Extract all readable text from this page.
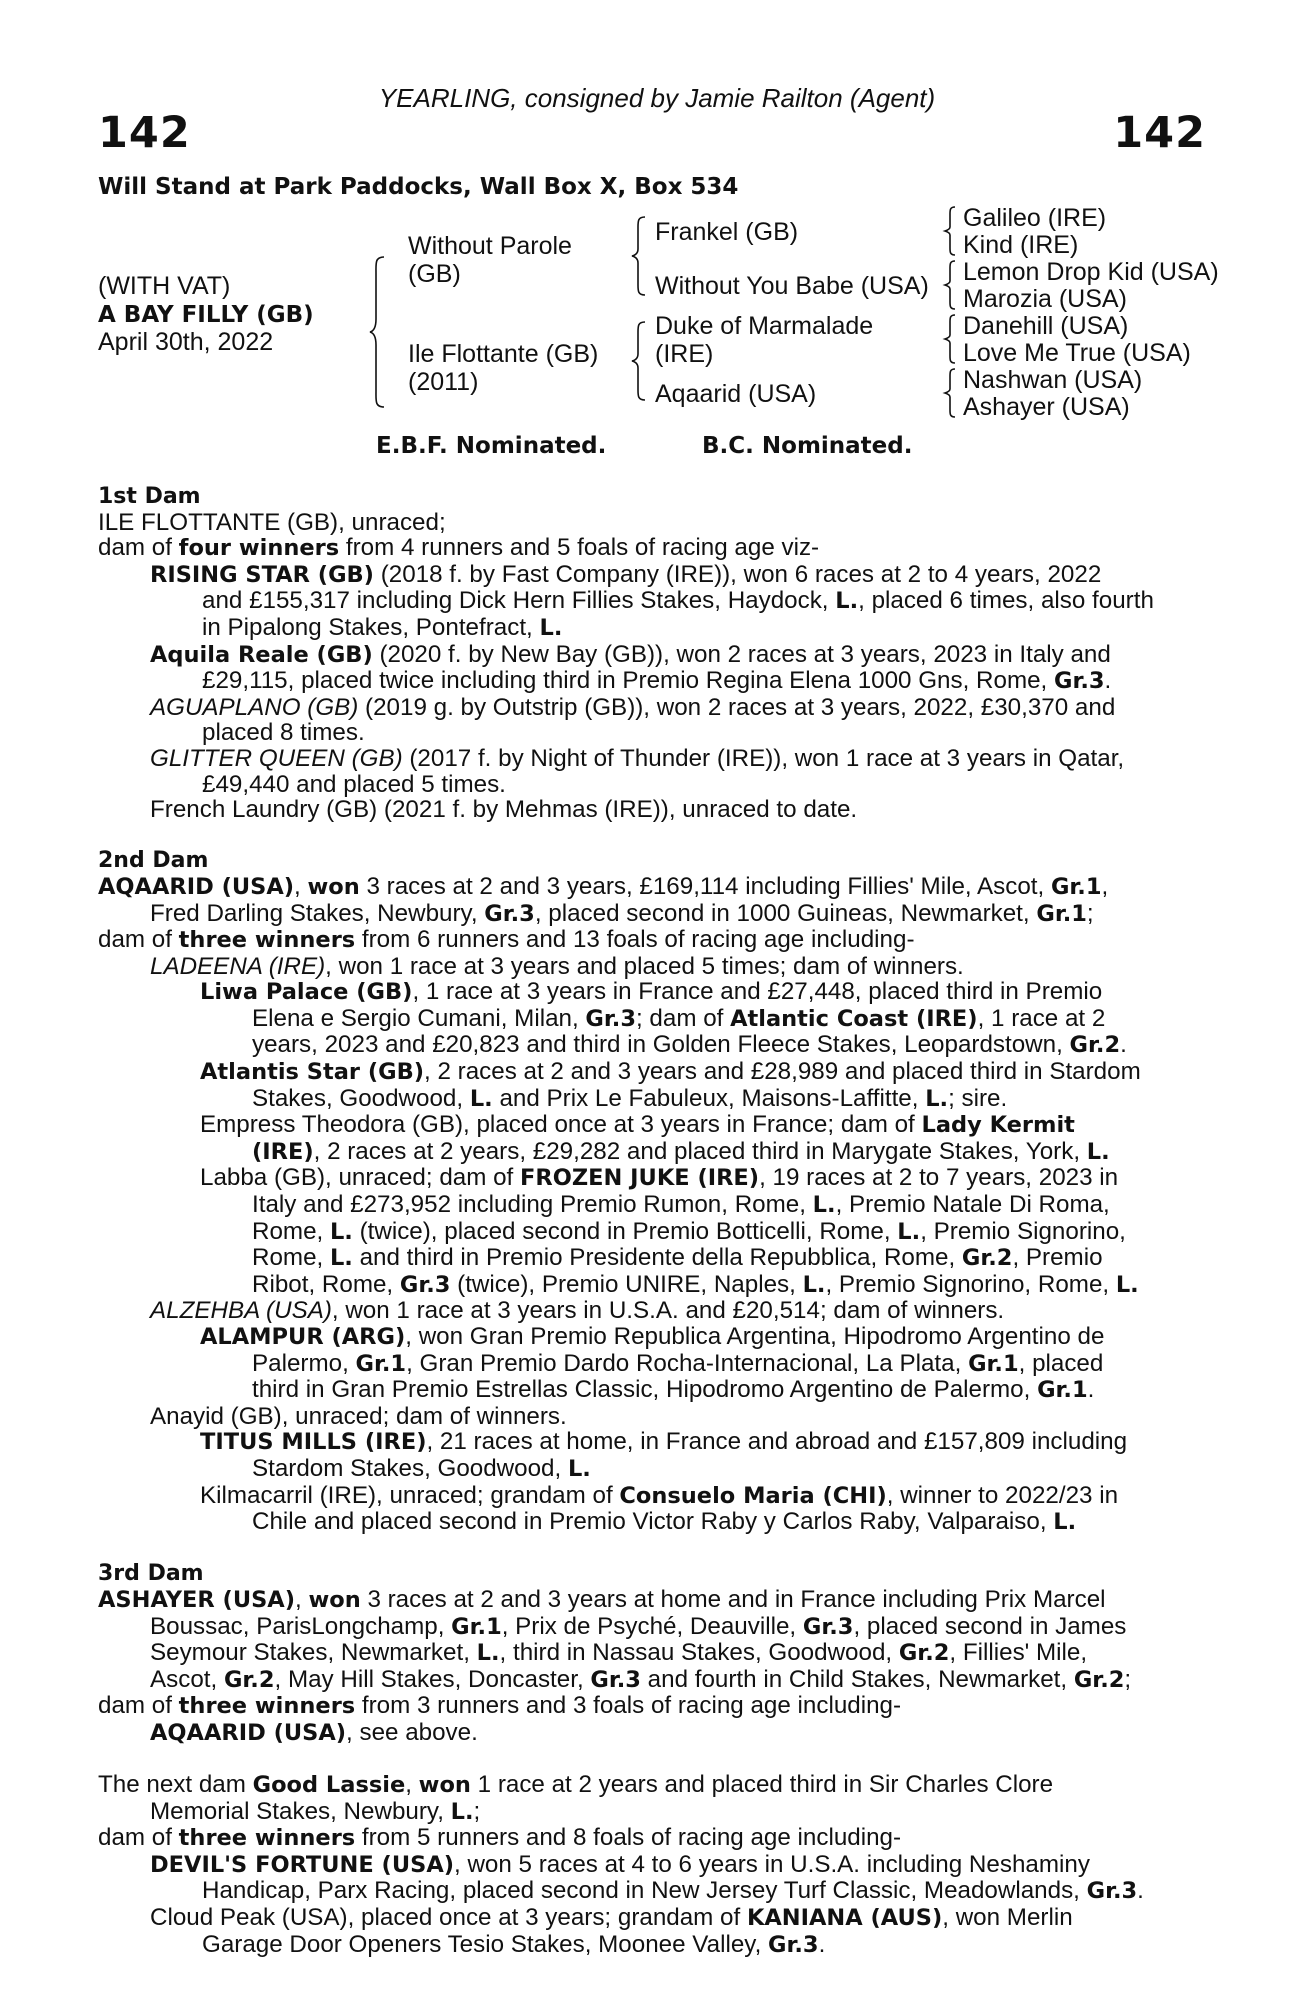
YEARLING, consigned by Jamie Railton (Agent)
142	142
Will Stand at Park Paddocks, Wall Box X, Box 534
(WITH VAT)
A BAY FILLY (GB)
April 30th, 2022
Without Parole
(GB)
Ile Flottante (GB)
(2011)
Frankel (GB)
Without You Babe (USA)
Duke of Marmalade
(IRE)
Aqaarid (USA)
Galileo (IRE)
Kind (IRE)
Lemon Drop Kid (USA)
Marozia (USA)
Danehill (USA)
Love Me True (USA)
Nashwan (USA)
Ashayer (USA)
E.B.F. Nominated.	B.C. Nominated.
1st Dam
ILE FLOTTANTE (GB), unraced;
dam of four winners from 4 runners and 5 foals of racing age viz-
RISING STAR (GB) (2018 f. by Fast Company (IRE)), won 6 races at 2 to 4 years, 2022
and £155,317 including Dick Hern Fillies Stakes, Haydock, L., placed 6 times, also fourth
in Pipalong Stakes, Pontefract, L.
Aquila Reale (GB) (2020 f. by New Bay (GB)), won 2 races at 3 years, 2023 in Italy and
£29,115, placed twice including third in Premio Regina Elena 1000 Gns, Rome, Gr.3.
AGUAPLANO (GB) (2019 g. by Outstrip (GB)), won 2 races at 3 years, 2022, £30,370 and
placed 8 times.
GLITTER QUEEN (GB) (2017 f. by Night of Thunder (IRE)), won 1 race at 3 years in Qatar,
£49,440 and placed 5 times.
French Laundry (GB) (2021 f. by Mehmas (IRE)), unraced to date.
2nd Dam
AQAARID (USA), won 3 races at 2 and 3 years, £169,114 including Fillies' Mile, Ascot, Gr.1,
Fred Darling Stakes, Newbury, Gr.3, placed second in 1000 Guineas, Newmarket, Gr.1;
dam of three winners from 6 runners and 13 foals of racing age including-
LADEENA (IRE), won 1 race at 3 years and placed 5 times; dam of winners.
Liwa Palace (GB), 1 race at 3 years in France and £27,448, placed third in Premio
Elena e Sergio Cumani, Milan, Gr.3; dam of Atlantic Coast (IRE), 1 race at 2
years, 2023 and £20,823 and third in Golden Fleece Stakes, Leopardstown, Gr.2.
Atlantis Star (GB), 2 races at 2 and 3 years and £28,989 and placed third in Stardom
Stakes, Goodwood, L. and Prix Le Fabuleux, Maisons-Laffitte, L.; sire.
Empress Theodora (GB), placed once at 3 years in France; dam of Lady Kermit
(IRE), 2 races at 2 years, £29,282 and placed third in Marygate Stakes, York, L.
Labba (GB), unraced; dam of FROZEN JUKE (IRE), 19 races at 2 to 7 years, 2023 in
Italy and £273,952 including Premio Rumon, Rome, L., Premio Natale Di Roma,
Rome, L. (twice), placed second in Premio Botticelli, Rome, L., Premio Signorino,
Rome, L. and third in Premio Presidente della Repubblica, Rome, Gr.2, Premio
Ribot, Rome, Gr.3 (twice), Premio UNIRE, Naples, L., Premio Signorino, Rome, L.
ALZEHBA (USA), won 1 race at 3 years in U.S.A. and £20,514; dam of winners.
ALAMPUR (ARG), won Gran Premio Republica Argentina, Hipodromo Argentino de
Palermo, Gr.1, Gran Premio Dardo Rocha-Internacional, La Plata, Gr.1, placed
third in Gran Premio Estrellas Classic, Hipodromo Argentino de Palermo, Gr.1.
Anayid (GB), unraced; dam of winners.
TITUS MILLS (IRE), 21 races at home, in France and abroad and £157,809 including
Stardom Stakes, Goodwood, L.
Kilmacarril (IRE), unraced; grandam of Consuelo Maria (CHI), winner to 2022/23 in
Chile and placed second in Premio Victor Raby y Carlos Raby, Valparaiso, L.
3rd Dam
ASHAYER (USA), won 3 races at 2 and 3 years at home and in France including Prix Marcel
Boussac, ParisLongchamp, Gr.1, Prix de Psyché, Deauville, Gr.3, placed second in James
Seymour Stakes, Newmarket, L., third in Nassau Stakes, Goodwood, Gr.2, Fillies' Mile,
Ascot, Gr.2, May Hill Stakes, Doncaster, Gr.3 and fourth in Child Stakes, Newmarket, Gr.2;
dam of three winners from 3 runners and 3 foals of racing age including-
AQAARID (USA), see above.
The next dam Good Lassie, won 1 race at 2 years and placed third in Sir Charles Clore
Memorial Stakes, Newbury, L.;
dam of three winners from 5 runners and 8 foals of racing age including-
DEVIL'S FORTUNE (USA), won 5 races at 4 to 6 years in U.S.A. including Neshaminy
Handicap, Parx Racing, placed second in New Jersey Turf Classic, Meadowlands, Gr.3.
Cloud Peak (USA), placed once at 3 years; grandam of KANIANA (AUS), won Merlin
Garage Door Openers Tesio Stakes, Moonee Valley, Gr.3.
